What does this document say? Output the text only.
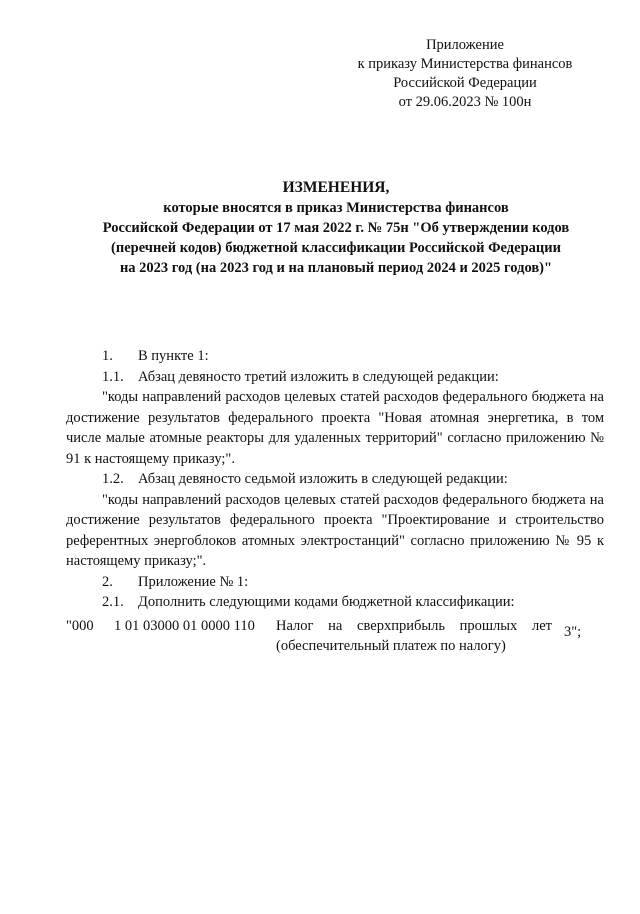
Приложение
к приказу Министерства финансов
Российской Федерации
от 29.06.2023 № 100н
ИЗМЕНЕНИЯ,
которые вносятся в приказ Министерства финансов
Российской Федерации от 17 мая 2022 г. № 75н "Об утверждении кодов
(перечней кодов) бюджетной классификации Российской Федерации
на 2023 год (на 2023 год и на плановый период 2024 и 2025 годов)"
1. В пункте 1:
1.1. Абзац девяносто третий изложить в следующей редакции:
"коды направлений расходов целевых статей расходов федерального бюджета на достижение результатов федерального проекта "Новая атомная энергетика, в том числе малые атомные реакторы для удаленных территорий" согласно приложению № 91 к настоящему приказу;".
1.2. Абзац девяносто седьмой изложить в следующей редакции:
"коды направлений расходов целевых статей расходов федерального бюджета на достижение результатов федерального проекта "Проектирование и строительство референтных энергоблоков атомных электростанций" согласно приложению № 95 к настоящему приказу;".
2. Приложение № 1:
2.1. Дополнить следующими кодами бюджетной классификации:
"000 1 01 03000 01 0000 110 Налог на сверхприбыль прошлых лет (обеспечительный платеж по налогу)
3";
